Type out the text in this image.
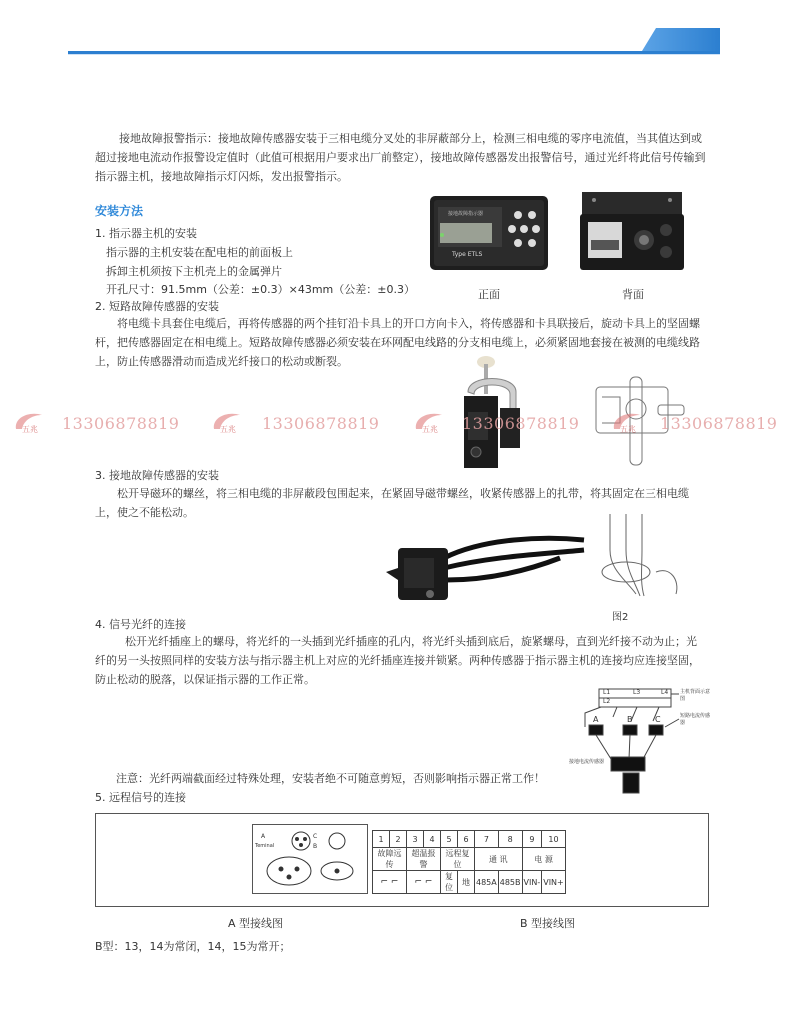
接地故障报警指示：接地故障传感器安装于三相电缆分叉处的非屏蔽部分上，检测三相电缆的零序电流值，当其值达到或超过接地电流动作报警设定值时（此值可根据用户要求出厂前整定），接地故障传感器发出报警信号，通过光纤将此信号传输到指示器主机，接地故障指示灯闪烁，发出报警指示。

安装方法
1. 指示器主机的安装
指示器的主机安装在配电柜的前面板上
拆卸主机须按下主机壳上的金属弹片
开孔尺寸：91.5mm（公差：±0.3）×43mm（公差：±0.3）
接地故障指示器
Type ETLS
正面	背面
2. 短路故障传感器的安装

将电缆卡具套住电缆后，再将传感器的两个挂钉沿卡具上的开口方向卡入，将传感器和卡具联接后，旋动卡具上的坚固螺杆，把传感器固定在相电缆上。短路故障传感器必须安装在环网配电线路的分支相电缆上，必须紧固地套接在被测的电缆线路上，防止传感器滑动而造成光纤接口的松动或断裂。

五兆 13306878819	五兆 13306878819	五兆 13306878819	五兆 13306878819
3. 接地故障传感器的安装

松开导磁环的螺丝，将三相电缆的非屏蔽段包围起来，在紧固导磁带螺丝，收紧传感器上的扎带，将其固定在三相电缆上，使之不能松动。

图2
4. 信号光纤的连接

松开光纤插座上的螺母，将光纤的一头插到光纤插座的孔内，将光纤头插到底后，旋紧螺母，直到光纤接不动为止；光纤的另一头按照同样的安装方法与指示器主机上对应的光纤插座连接并锁紧。两种传感器于指示器主机的连接均应连接坚固，防止松动的脱落，以保证指示器的工作正常。

L1	L3	L4
L2
主机背面示意图
短路电流传感器
接地电流传感器
A	B	C
注意：光纤两端截面经过特殊处理，安装者绝不可随意剪短，否则影响指示器正常工作！
5. 远程信号的连接
A	C
B
Teminal
1	2	3	4	5	6	7	8	9	10
故障远传		超温报警		远程复位		通 讯		电 源	
⌐ ⌐		⌐ ⌐		复位	地	485A	485B	VIN-	VIN+
A 型接线图	B 型接线图
B型：13，14为常闭，14，15为常开；
